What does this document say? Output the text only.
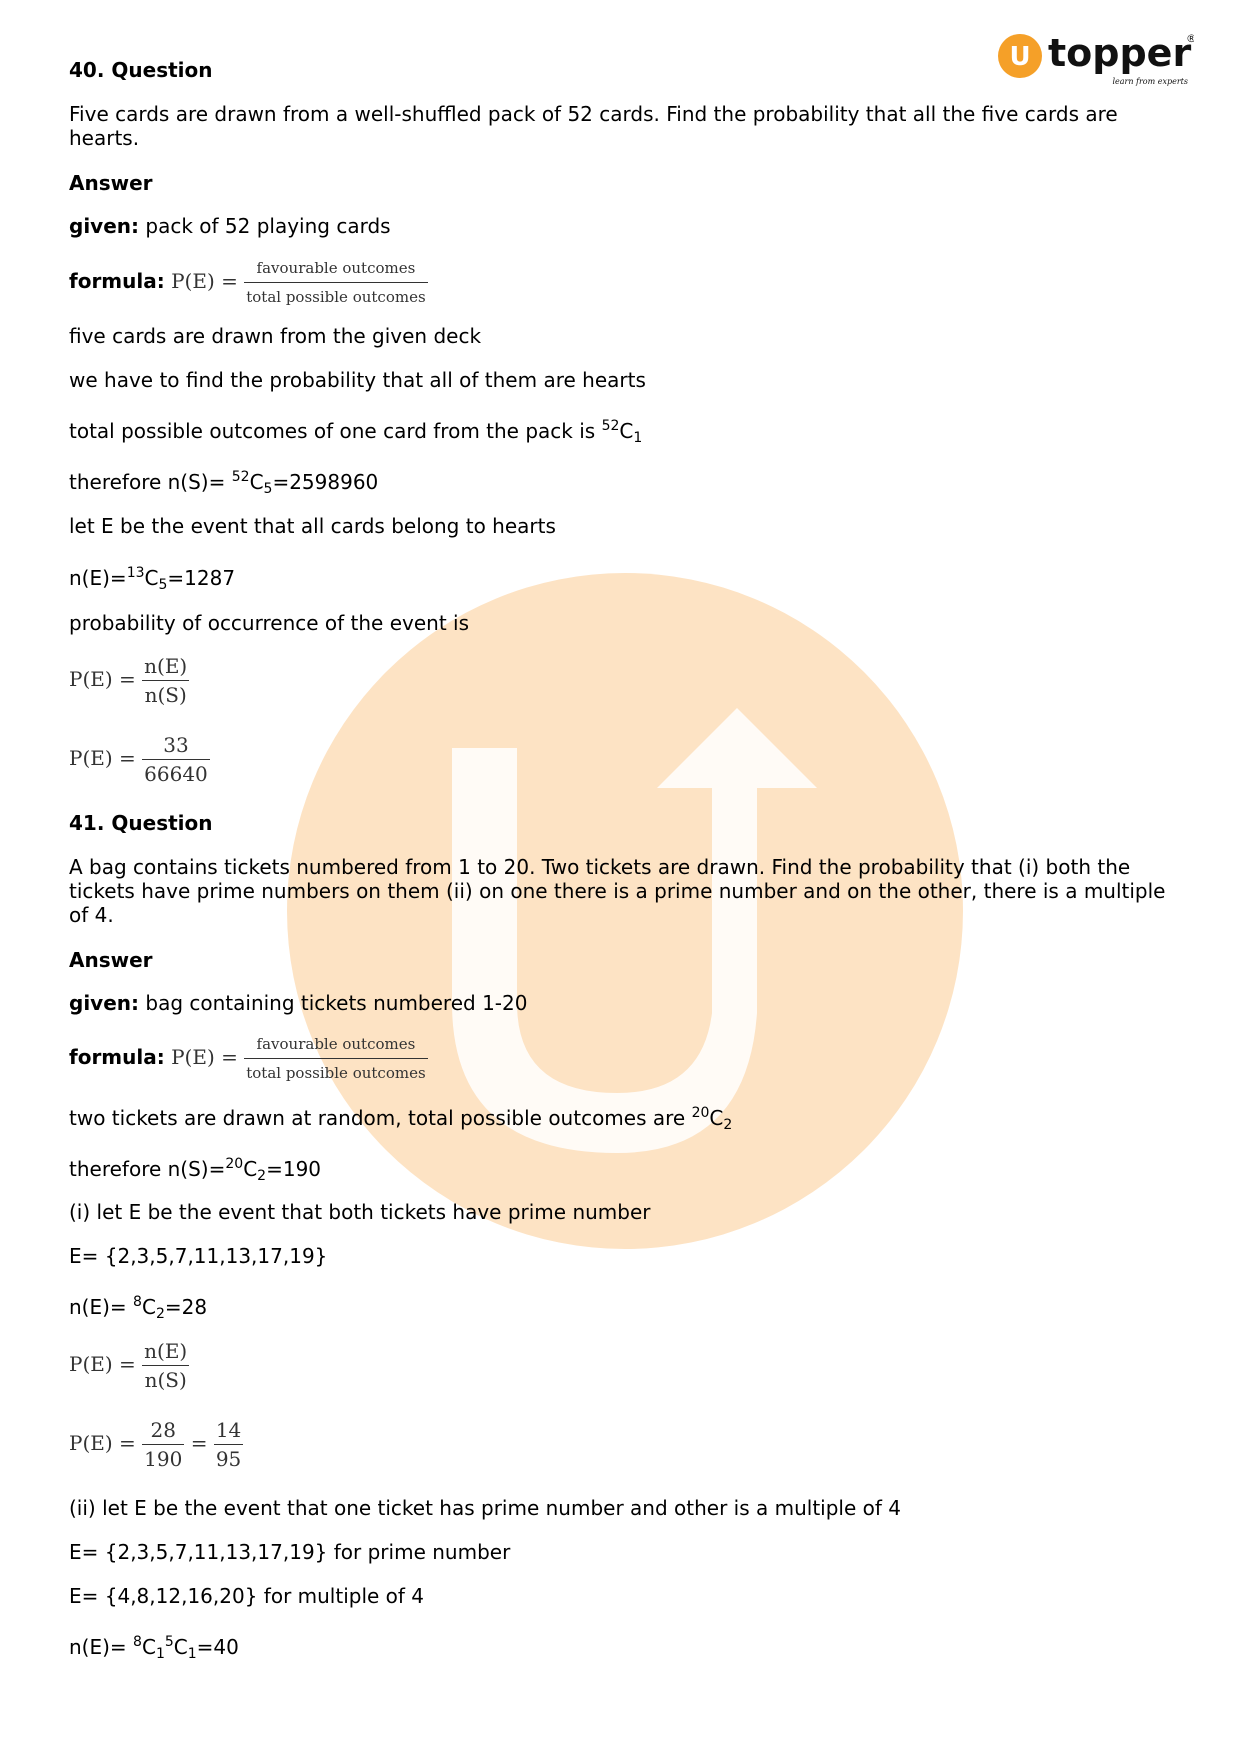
U topper
®
learn from experts
40. Question
Five cards are drawn from a well-shuffled pack of 52 cards. Find the probability that all the five cards are hearts.
Answer
given: pack of 52 playing cards
formula: $P(E) = \frac{\text{favourable outcomes}}{\text{total possible outcomes}}$
five cards are drawn from the given deck
we have to find the probability that all of them are hearts
total possible outcomes of one card from the pack is $^{52}C_1$
therefore $n(S)= ^{52}C_5=2598960$
let E be the event that all cards belong to hearts
$n(E)=^{13}C_5=1287$
probability of occurrence of the event is
$P(E) = \frac{n(E)}{n(S)}$
$P(E) = \frac{33}{66640}$
41. Question
A bag contains tickets numbered from 1 to 20. Two tickets are drawn. Find the probability that (i) both the tickets have prime numbers on them (ii) on one there is a prime number and on the other, there is a multiple of 4.
Answer
given: bag containing tickets numbered 1-20
formula: $P(E) = \frac{\text{favourable outcomes}}{\text{total possible outcomes}}$
two tickets are drawn at random, total possible outcomes are $^{20}C_2$
therefore $n(S)=^{20}C_2=190$
(i) let E be the event that both tickets have prime number
E= {2,3,5,7,11,13,17,19}
$n(E)= ^8C_2=28$
$P(E) = \frac{n(E)}{n(S)}$
$P(E) = \frac{28}{190} = \frac{14}{95}$
(ii) let E be the event that one ticket has prime number and other is a multiple of 4
E= {2,3,5,7,11,13,17,19} for prime number
E= {4,8,12,16,20} for multiple of 4
$n(E)= ^8C_1^5C_1=40$
